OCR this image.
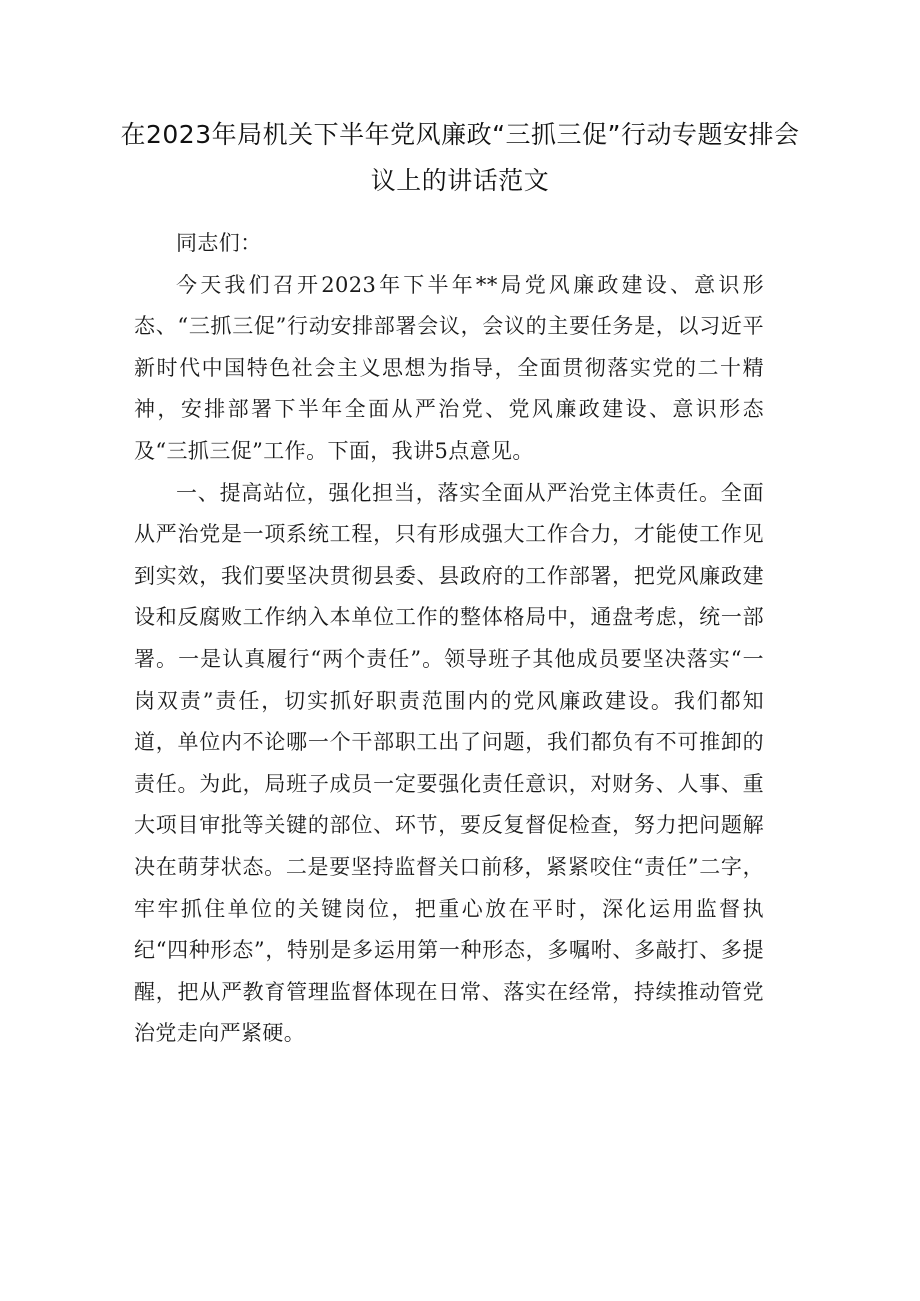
在2023年局机关下半年党风廉政“三抓三促”行动专题安排会议上的讲话范文

同志们：

今天我们召开2023年下半年**局党风廉政建设、意识形态、“三抓三促”行动安排部署会议，会议的主要任务是，以习近平新时代中国特色社会主义思想为指导，全面贯彻落实党的二十精神，安排部署下半年全面从严治党、党风廉政建设、意识形态及“三抓三促”工作。下面，我讲5点意见。

一、提高站位，强化担当，落实全面从严治党主体责任。全面从严治党是一项系统工程，只有形成强大工作合力，才能使工作见到实效，我们要坚决贯彻县委、县政府的工作部署，把党风廉政建设和反腐败工作纳入本单位工作的整体格局中，通盘考虑，统一部署。一是认真履行“两个责任”。领导班子其他成员要坚决落实“一岗双责”责任，切实抓好职责范围内的党风廉政建设。我们都知道，单位内不论哪一个干部职工出了问题，我们都负有不可推卸的责任。为此，局班子成员一定要强化责任意识，对财务、人事、重大项目审批等关键的部位、环节，要反复督促检查，努力把问题解决在萌芽状态。二是要坚持监督关口前移，紧紧咬住“责任”二字，牢牢抓住单位的关键岗位，把重心放在平时，深化运用监督执纪“四种形态”，特别是多运用第一种形态，多嘱咐、多敲打、多提醒，把从严教育管理监督体现在日常、落实在经常，持续推动管党治党走向严紧硬。
